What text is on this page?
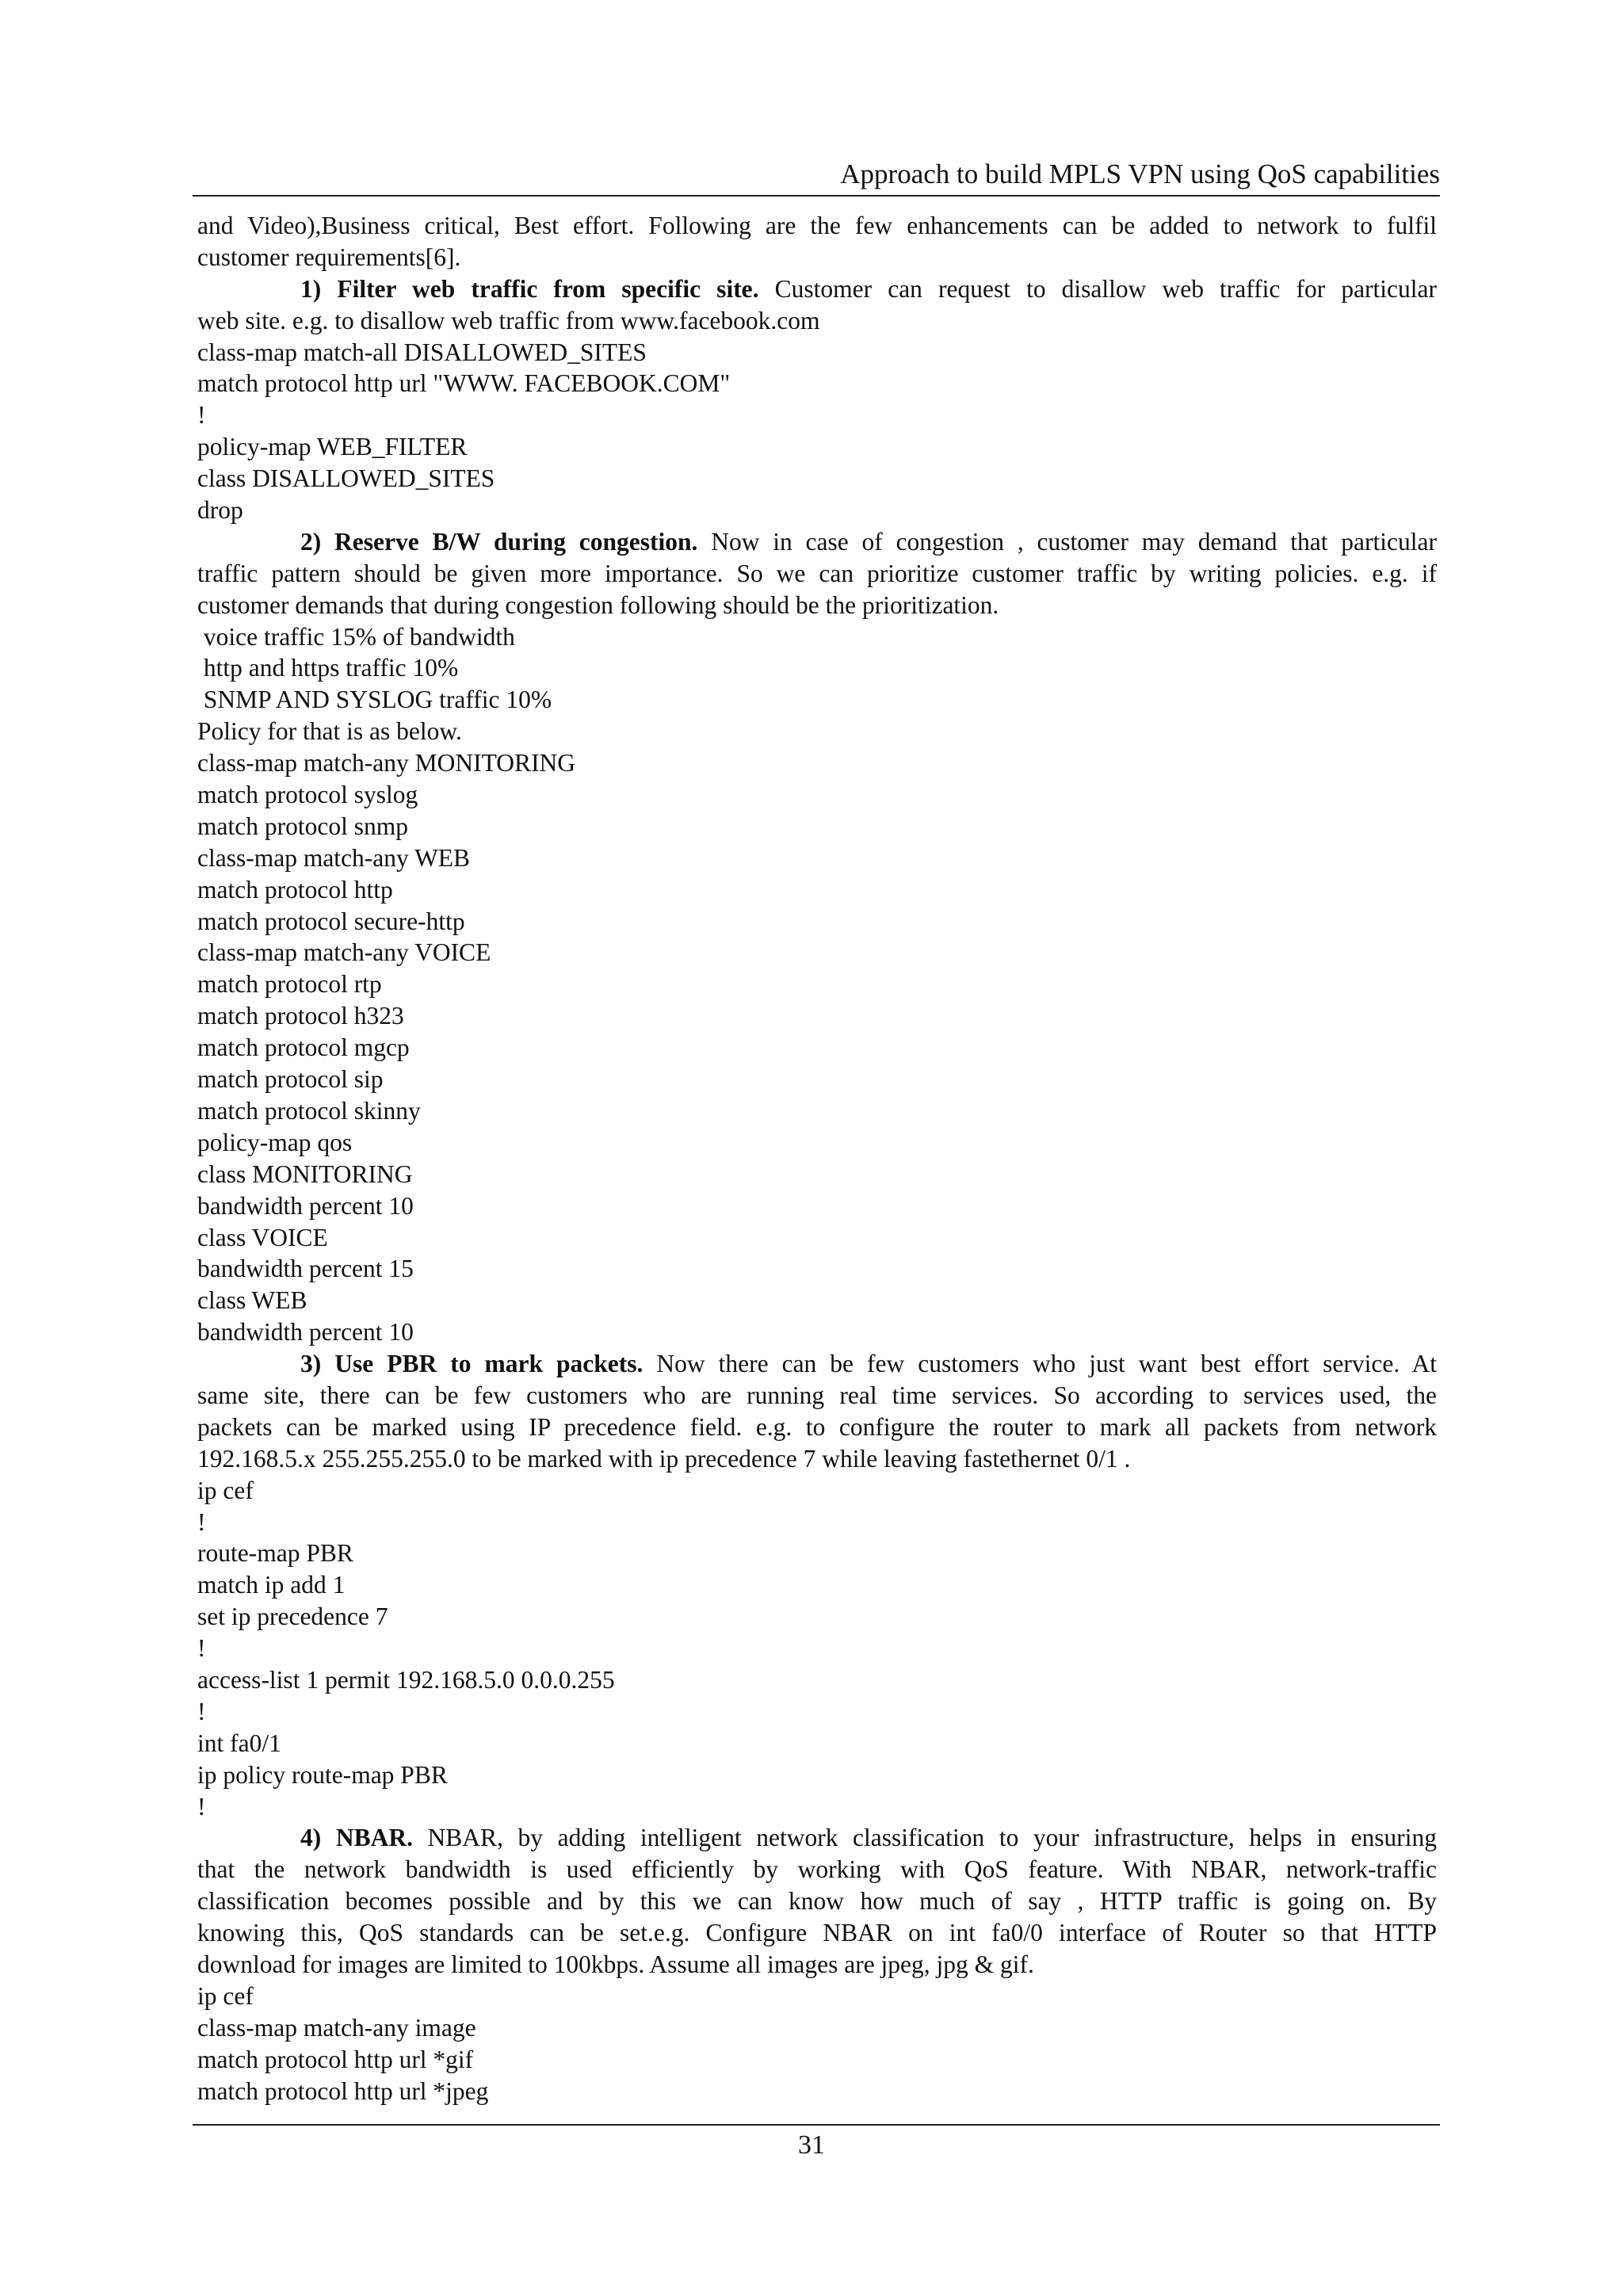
Approach to build MPLS VPN using QoS capabilities
and Video),Business critical, Best effort. Following are the few enhancements can be added to network to fulfil
customer requirements[6].
1) Filter web traffic from specific site. Customer can request to disallow web traffic for particular
web site. e.g. to disallow web traffic from www.facebook.com
class-map match-all DISALLOWED_SITES
match protocol http url "WWW. FACEBOOK.COM"
!
policy-map WEB_FILTER
class DISALLOWED_SITES
drop
2) Reserve B/W during congestion. Now in case of congestion , customer may demand that particular
traffic pattern should be given more importance. So we can prioritize customer traffic by writing policies. e.g. if
customer demands that during congestion following should be the prioritization.
voice traffic 15% of bandwidth
http and https traffic 10%
SNMP AND SYSLOG traffic 10%
Policy for that is as below.
class-map match-any MONITORING
match protocol syslog
match protocol snmp
class-map match-any WEB
match protocol http
match protocol secure-http
class-map match-any VOICE
match protocol rtp
match protocol h323
match protocol mgcp
match protocol sip
match protocol skinny
policy-map qos
class MONITORING
bandwidth percent 10
class VOICE
bandwidth percent 15
class WEB
bandwidth percent 10
3) Use PBR to mark packets. Now there can be few customers who just want best effort service. At
same site, there can be few customers who are running real time services. So according to services used, the
packets can be marked using IP precedence field. e.g. to configure the router to mark all packets from network
192.168.5.x 255.255.255.0 to be marked with ip precedence 7 while leaving fastethernet 0/1 .
ip cef
!
route-map PBR
match ip add 1
set ip precedence 7
!
access-list 1 permit 192.168.5.0 0.0.0.255
!
int fa0/1
ip policy route-map PBR
!
4) NBAR. NBAR, by adding intelligent network classification to your infrastructure, helps in ensuring
that the network bandwidth is used efficiently by working with QoS feature. With NBAR, network-traffic
classification becomes possible and by this we can know how much of say , HTTP traffic is going on. By
knowing this, QoS standards can be set.e.g. Configure NBAR on int fa0/0 interface of Router so that HTTP
download for images are limited to 100kbps. Assume all images are jpeg, jpg & gif.
ip cef
class-map match-any image
match protocol http url *gif
match protocol http url *jpeg
31
